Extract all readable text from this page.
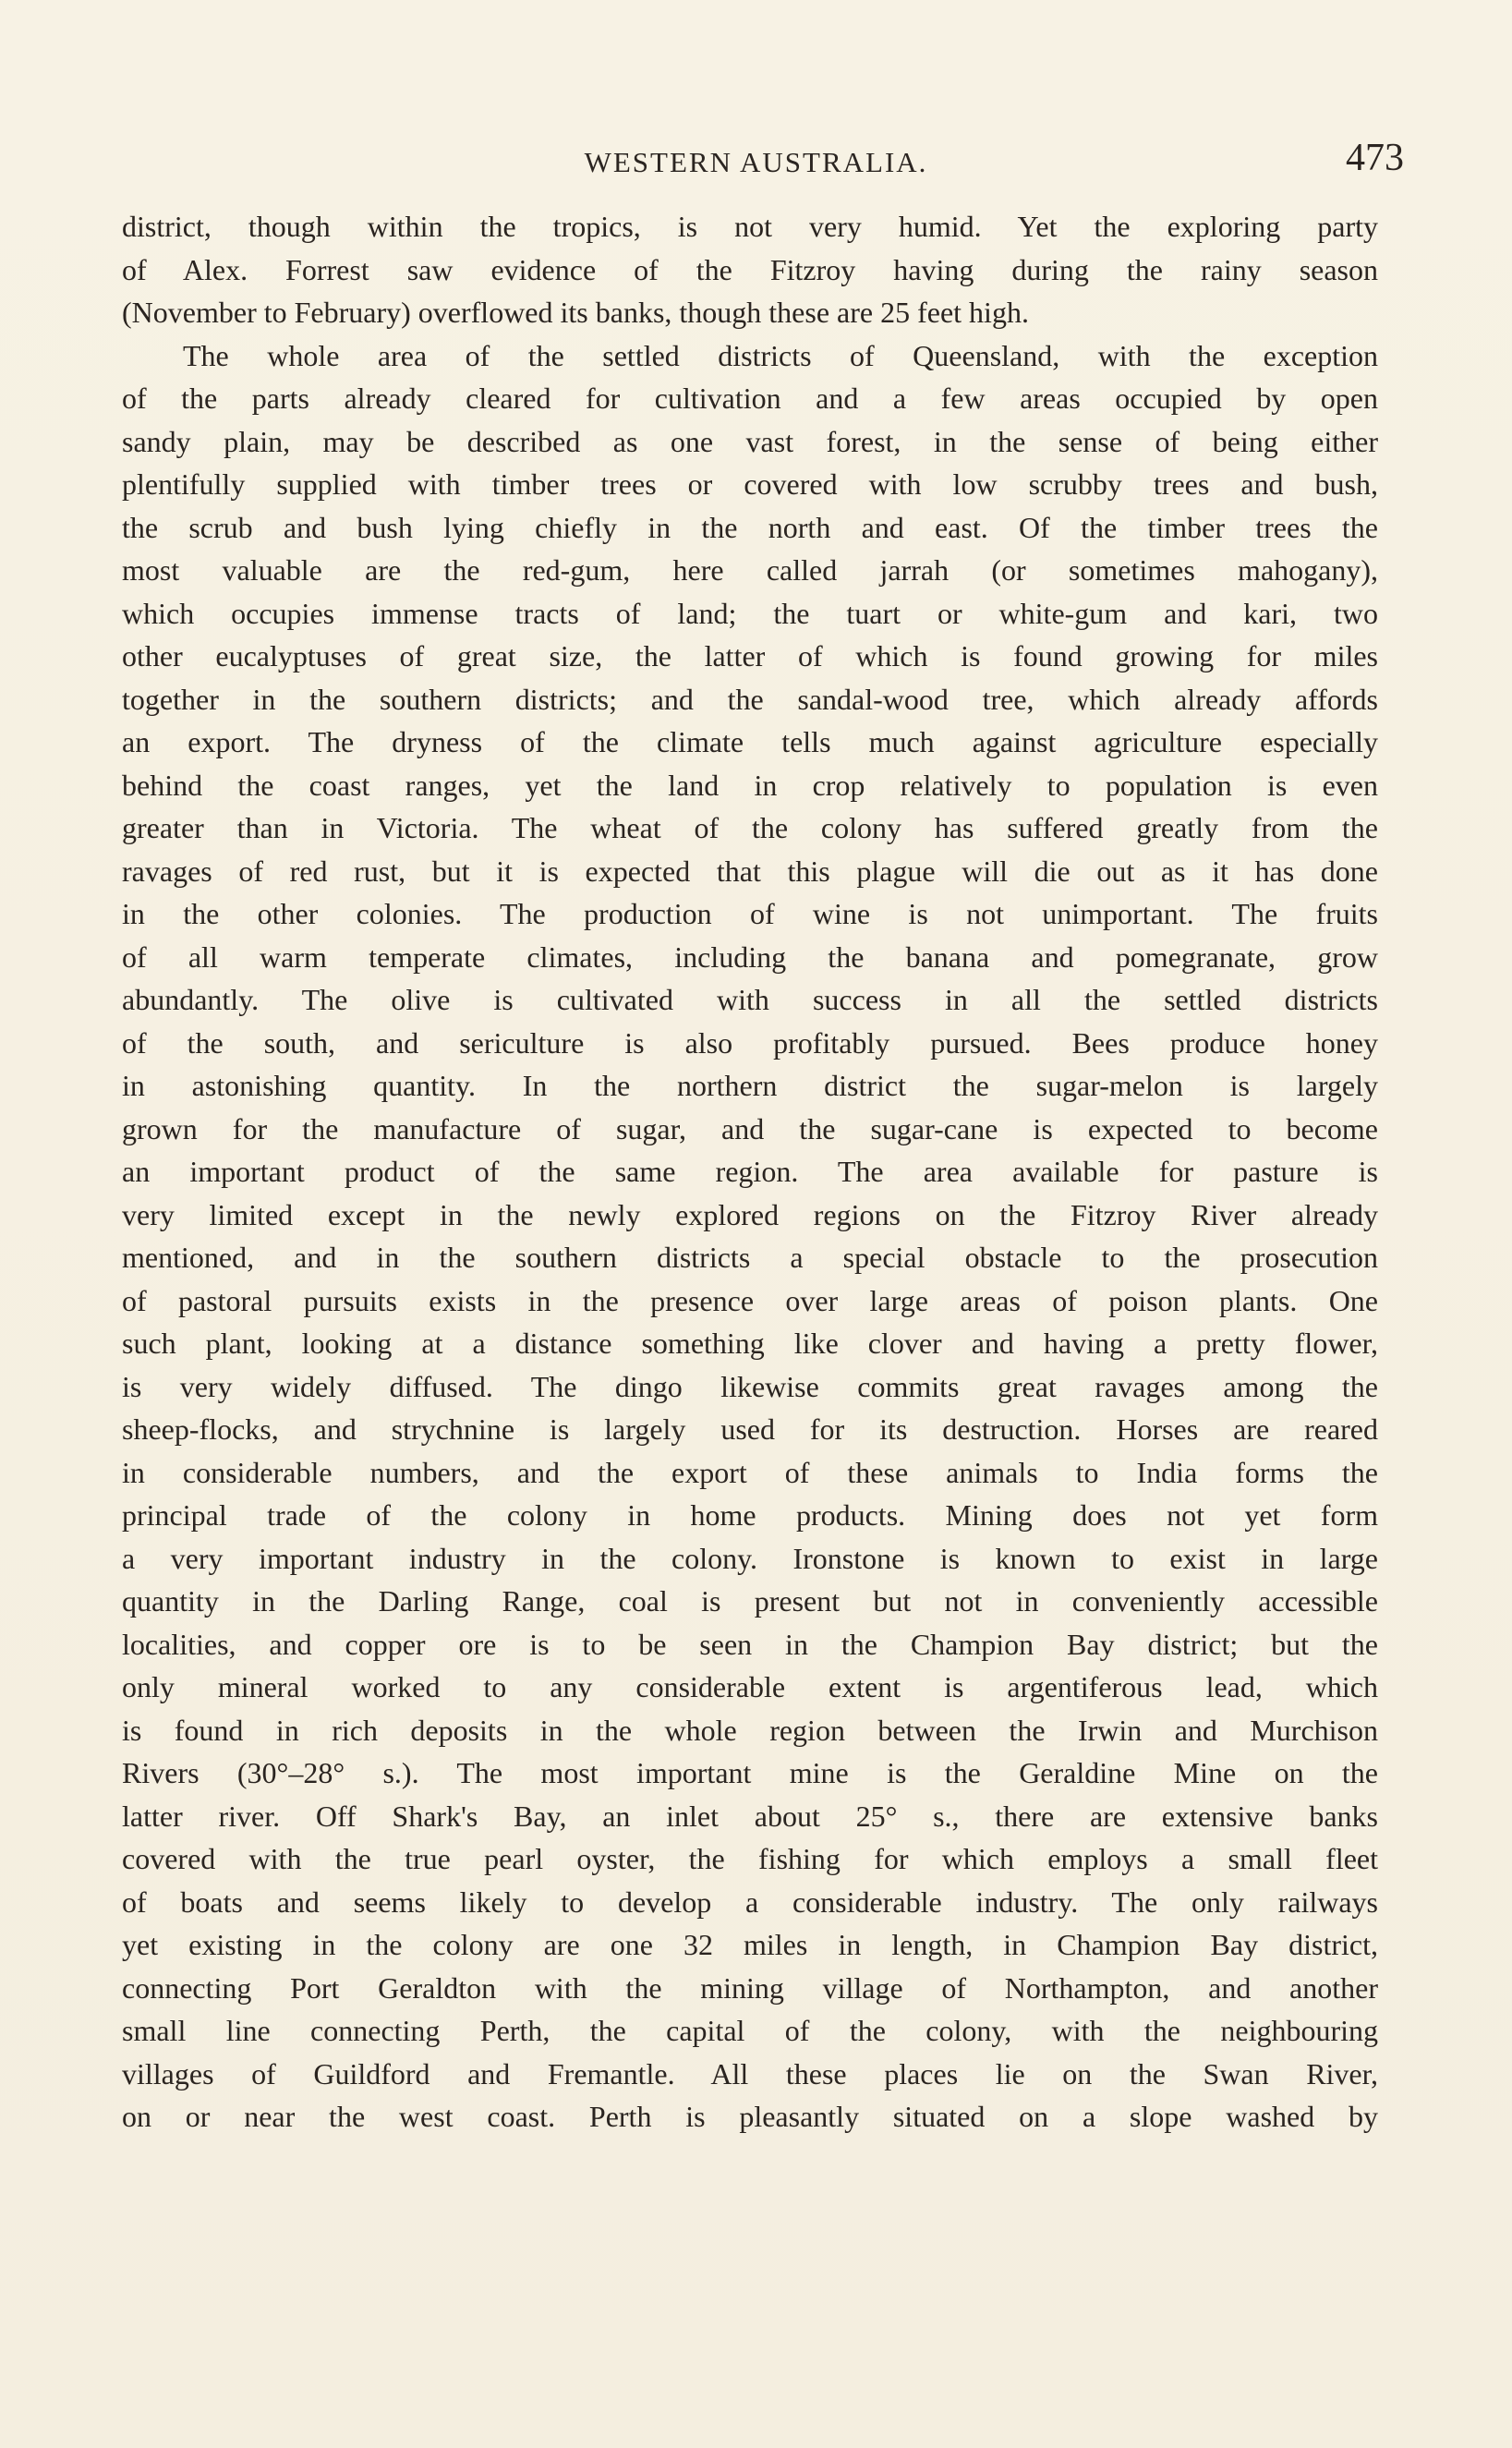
WESTERN AUSTRALIA.	473
district, though within the tropics, is not very humid. Yet the exploring party
of Alex. Forrest saw evidence of the Fitzroy having during the rainy season
(November to February) overflowed its banks, though these are 25 feet high.
The whole area of the settled districts of Queensland, with the exception
of the parts already cleared for cultivation and a few areas occupied by open
sandy plain, may be described as one vast forest, in the sense of being either
plentifully supplied with timber trees or covered with low scrubby trees and bush,
the scrub and bush lying chiefly in the north and east. Of the timber trees the
most valuable are the red-gum, here called jarrah (or sometimes mahogany),
which occupies immense tracts of land; the tuart or white-gum and kari, two
other eucalyptuses of great size, the latter of which is found growing for miles
together in the southern districts; and the sandal-wood tree, which already affords
an export. The dryness of the climate tells much against agriculture especially
behind the coast ranges, yet the land in crop relatively to population is even
greater than in Victoria. The wheat of the colony has suffered greatly from the
ravages of red rust, but it is expected that this plague will die out as it has done
in the other colonies. The production of wine is not unimportant. The fruits
of all warm temperate climates, including the banana and pomegranate, grow
abundantly. The olive is cultivated with success in all the settled districts
of the south, and sericulture is also profitably pursued. Bees produce honey
in astonishing quantity. In the northern district the sugar-melon is largely
grown for the manufacture of sugar, and the sugar-cane is expected to become
an important product of the same region. The area available for pasture is
very limited except in the newly explored regions on the Fitzroy River already
mentioned, and in the southern districts a special obstacle to the prosecution
of pastoral pursuits exists in the presence over large areas of poison plants. One
such plant, looking at a distance something like clover and having a pretty flower,
is very widely diffused. The dingo likewise commits great ravages among the
sheep-flocks, and strychnine is largely used for its destruction. Horses are reared
in considerable numbers, and the export of these animals to India forms the
principal trade of the colony in home products. Mining does not yet form
a very important industry in the colony. Ironstone is known to exist in large
quantity in the Darling Range, coal is present but not in conveniently accessible
localities, and copper ore is to be seen in the Champion Bay district; but the
only mineral worked to any considerable extent is argentiferous lead, which
is found in rich deposits in the whole region between the Irwin and Murchison
Rivers (30°–28° s.). The most important mine is the Geraldine Mine on the
latter river. Off Shark's Bay, an inlet about 25° s., there are extensive banks
covered with the true pearl oyster, the fishing for which employs a small fleet
of boats and seems likely to develop a considerable industry. The only railways
yet existing in the colony are one 32 miles in length, in Champion Bay district,
connecting Port Geraldton with the mining village of Northampton, and another
small line connecting Perth, the capital of the colony, with the neighbouring
villages of Guildford and Fremantle. All these places lie on the Swan River,
on or near the west coast. Perth is pleasantly situated on a slope washed by
